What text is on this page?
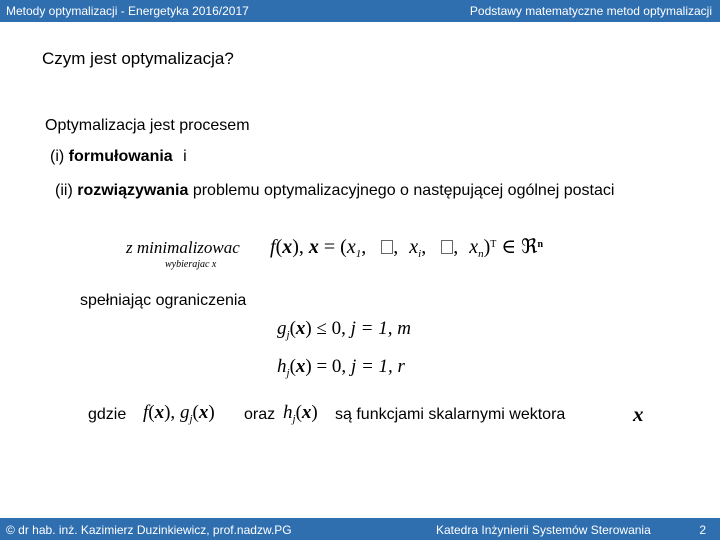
Metody optymalizacji - Energetyka 2016/2017	Podstawy matematyczne metod optymalizacji
Czym jest optymalizacja?
Optymalizacja jest procesem
(i) formułowania i
(ii) rozwiązywania problemu optymalizacyjnego o następującej ogólnej postaci
z minimalizowac
wybierajac x
f(x), $x = (x_1$, , $x_i$, , $x_n)^T$ ∈ ℜ$^n$
spełniając ograniczenia
$g_j(x) \le 0$, j = 1, m
$h_j(x) = 0$, j = 1, r
gdzie f(x), $g_j(x)$ oraz $h_j(x)$ są funkcjami skalarnymi wektora	x
© dr hab. inż. Kazimierz Duzinkiewicz, prof.nadzw.PG	Katedra Inżynierii Systemów Sterowania	2
